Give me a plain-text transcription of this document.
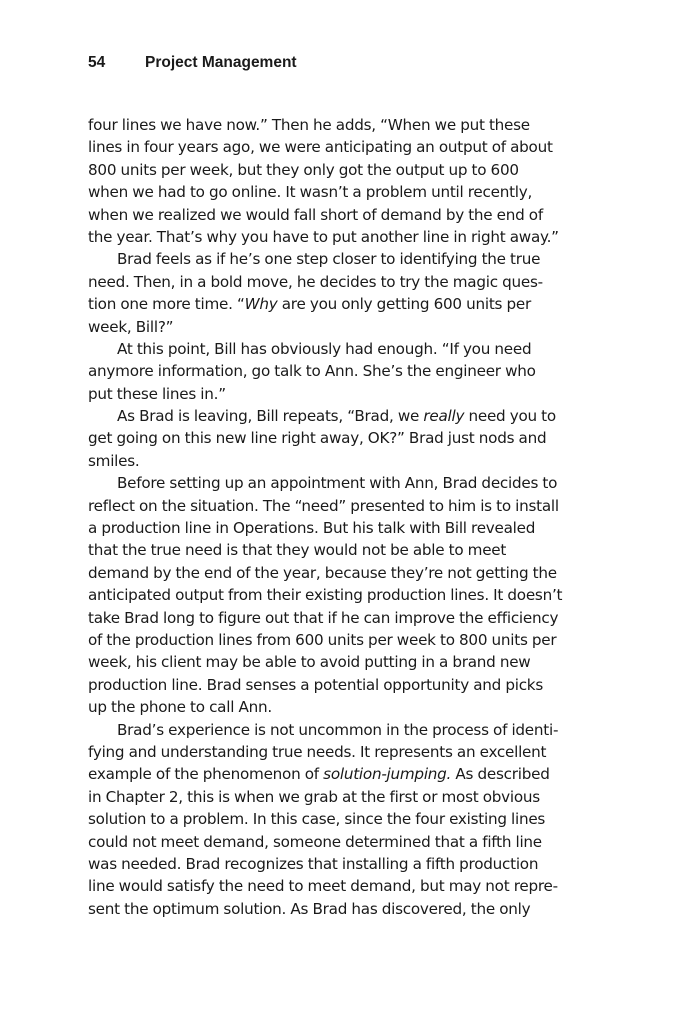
54	Project Management
four lines we have now.” Then he adds, “When we put these
lines in four years ago, we were anticipating an output of about
800 units per week, but they only got the output up to 600
when we had to go online. It wasn’t a problem until recently,
when we realized we would fall short of demand by the end of
the year. That’s why you have to put another line in right away.”
Brad feels as if he’s one step closer to identifying the true
need. Then, in a bold move, he decides to try the magic ques-
tion one more time. “Why are you only getting 600 units per
week, Bill?”
At this point, Bill has obviously had enough. “If you need
anymore information, go talk to Ann. She’s the engineer who
put these lines in.”
As Brad is leaving, Bill repeats, “Brad, we really need you to
get going on this new line right away, OK?” Brad just nods and
smiles.
Before setting up an appointment with Ann, Brad decides to
reflect on the situation. The “need” presented to him is to install
a production line in Operations. But his talk with Bill revealed
that the true need is that they would not be able to meet
demand by the end of the year, because they’re not getting the
anticipated output from their existing production lines. It doesn’t
take Brad long to figure out that if he can improve the efficiency
of the production lines from 600 units per week to 800 units per
week, his client may be able to avoid putting in a brand new
production line. Brad senses a potential opportunity and picks
up the phone to call Ann.
Brad’s experience is not uncommon in the process of identi-
fying and understanding true needs. It represents an excellent
example of the phenomenon of solution-jumping. As described
in Chapter 2, this is when we grab at the first or most obvious
solution to a problem. In this case, since the four existing lines
could not meet demand, someone determined that a fifth line
was needed. Brad recognizes that installing a fifth production
line would satisfy the need to meet demand, but may not repre-
sent the optimum solution. As Brad has discovered, the only
